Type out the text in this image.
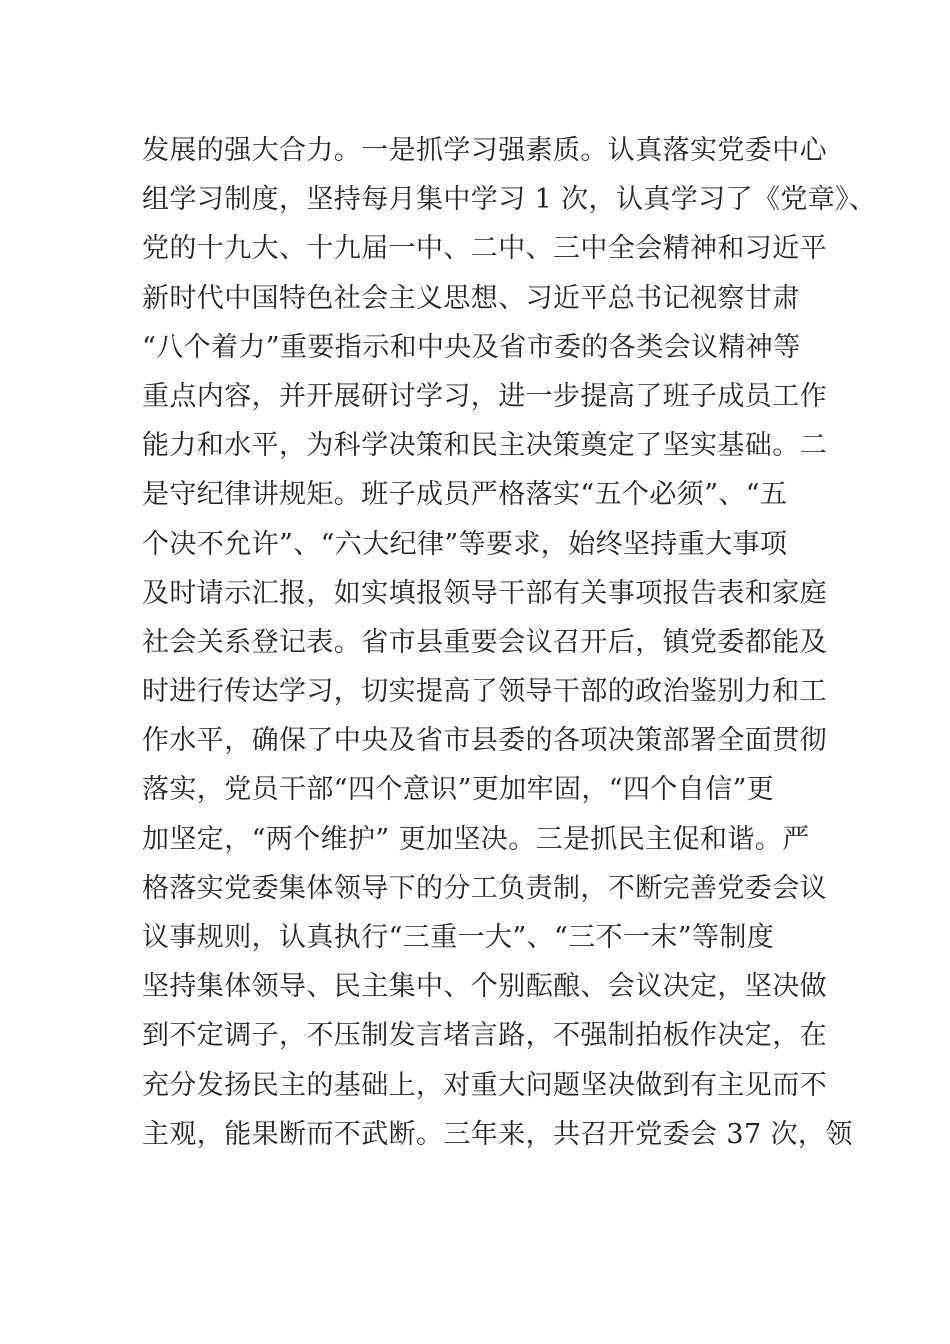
发展的强大合力。一是抓学习强素质。认真落实党委中心
组学习制度，坚持每月集中学习 1 次，认真学习了《党章》、
党的十九大、十九届一中、二中、三中全会精神和习近平
新时代中国特色社会主义思想、习近平总书记视察甘肃
“八个着力”重要指示和中央及省市委的各类会议精神等
重点内容，并开展研讨学习，进一步提高了班子成员工作
能力和水平，为科学决策和民主决策奠定了坚实基础。二
是守纪律讲规矩。班子成员严格落实“五个必须”、“五
个决不允许”、“六大纪律”等要求，始终坚持重大事项
及时请示汇报，如实填报领导干部有关事项报告表和家庭
社会关系登记表。省市县重要会议召开后，镇党委都能及
时进行传达学习，切实提高了领导干部的政治鉴别力和工
作水平，确保了中央及省市县委的各项决策部署全面贯彻
落实，党员干部“四个意识”更加牢固，“四个自信”更
加坚定，“两个维护” 更加坚决。三是抓民主促和谐。严
格落实党委集体领导下的分工负责制，不断完善党委会议
议事规则，认真执行“三重一大”、“三不一末”等制度
坚持集体领导、民主集中、个别酝酿、会议决定，坚决做
到不定调子，不压制发言堵言路，不强制拍板作决定，在
充分发扬民主的基础上，对重大问题坚决做到有主见而不
主观，能果断而不武断。三年来，共召开党委会 37 次，领
